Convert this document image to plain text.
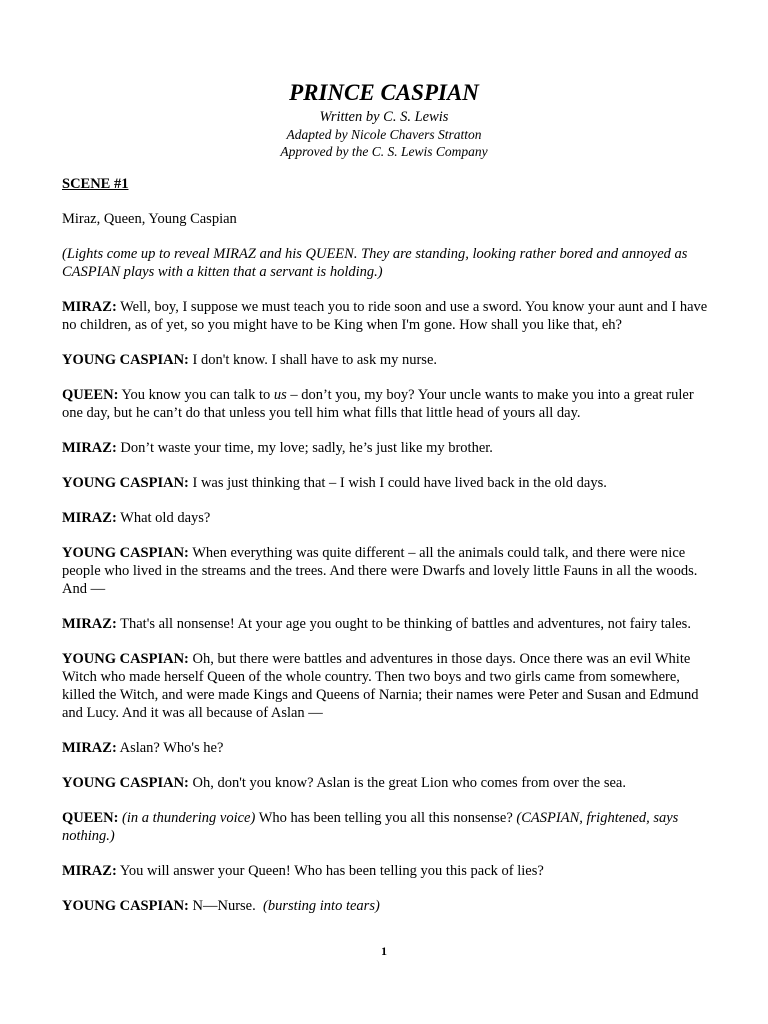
PRINCE CASPIAN
Written by C. S. Lewis
Adapted by Nicole Chavers Stratton
Approved by the C. S. Lewis Company
SCENE #1

Miraz, Queen, Young Caspian

(Lights come up to reveal MIRAZ and his QUEEN. They are standing, looking rather bored and annoyed as CASPIAN plays with a kitten that a servant is holding.)

MIRAZ: Well, boy, I suppose we must teach you to ride soon and use a sword. You know your aunt and I have no children, as of yet, so you might have to be King when I'm gone. How shall you like that, eh?

YOUNG CASPIAN: I don't know. I shall have to ask my nurse.

QUEEN: You know you can talk to us – don’t you, my boy? Your uncle wants to make you into a great ruler one day, but he can’t do that unless you tell him what fills that little head of yours all day.

MIRAZ: Don’t waste your time, my love; sadly, he’s just like my brother.

YOUNG CASPIAN: I was just thinking that – I wish I could have lived back in the old days.

MIRAZ: What old days?

YOUNG CASPIAN: When everything was quite different – all the animals could talk, and there were nice people who lived in the streams and the trees. And there were Dwarfs and lovely little Fauns in all the woods. And —

MIRAZ: That's all nonsense! At your age you ought to be thinking of battles and adventures, not fairy tales.

YOUNG CASPIAN: Oh, but there were battles and adventures in those days. Once there was an evil White Witch who made herself Queen of the whole country. Then two boys and two girls came from somewhere, killed the Witch, and were made Kings and Queens of Narnia; their names were Peter and Susan and Edmund and Lucy. And it was all because of Aslan —

MIRAZ: Aslan? Who's he?

YOUNG CASPIAN: Oh, don't you know? Aslan is the great Lion who comes from over the sea.

QUEEN: (in a thundering voice) Who has been telling you all this nonsense? (CASPIAN, frightened, says nothing.)

MIRAZ: You will answer your Queen! Who has been telling you this pack of lies?

YOUNG CASPIAN: N—Nurse.  (bursting into tears)

1
